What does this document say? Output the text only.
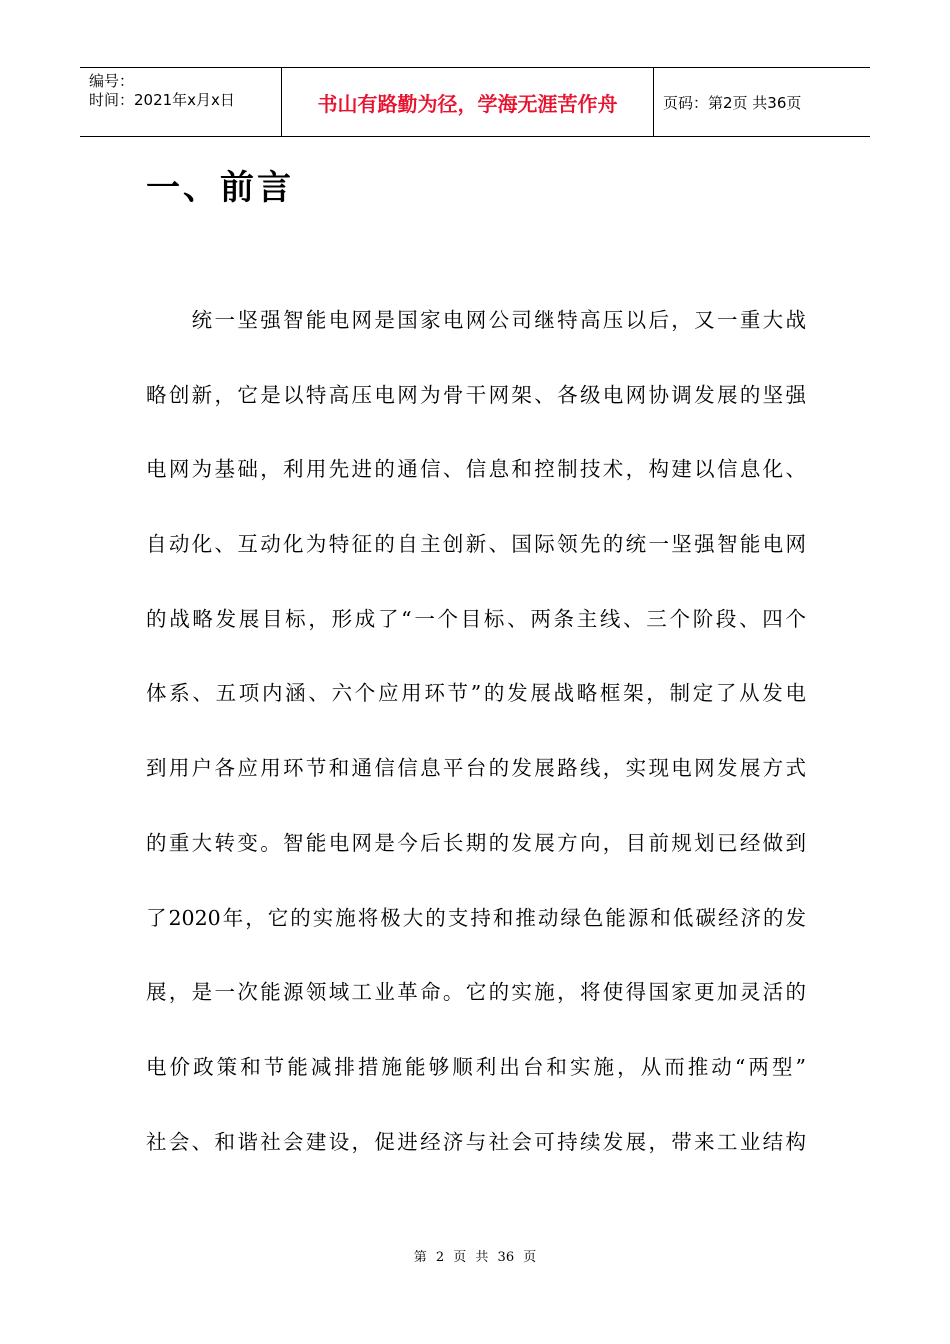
编号：
时间：2021年x月x日	书山有路勤为径，学海无涯苦作舟	页码：第2页 共36页
一、前言
　　统一坚强智能电网是国家电网公司继特高压以后，又一重大战
略创新，它是以特高压电网为骨干网架、各级电网协调发展的坚强
电网为基础，利用先进的通信、信息和控制技术，构建以信息化、
自动化、互动化为特征的自主创新、国际领先的统一坚强智能电网
的战略发展目标，形成了“一个目标、两条主线、三个阶段、四个
体系、五项内涵、六个应用环节”的发展战略框架，制定了从发电
到用户各应用环节和通信信息平台的发展路线，实现电网发展方式
的重大转变。智能电网是今后长期的发展方向，目前规划已经做到
了2020年，它的实施将极大的支持和推动绿色能源和低碳经济的发
展，是一次能源领域工业革命。它的实施，将使得国家更加灵活的
电价政策和节能减排措施能够顺利出台和实施，从而推动“两型”
社会、和谐社会建设，促进经济与社会可持续发展，带来工业结构
第 2 页 共 36 页
